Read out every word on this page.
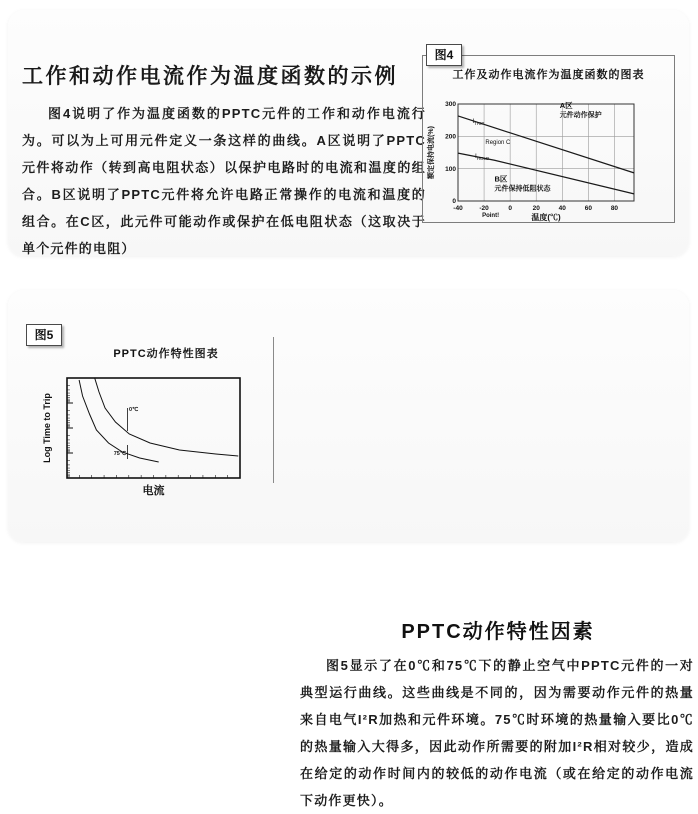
工作和动作电流作为温度函数的示例

图4说明了作为温度函数的PPTC元件的工作和动作电流行为。可以为上可用元件定义一条这样的曲线。A区说明了PPTC元件将动作（转到高电阻状态）以保护电路时的电流和温度的组合。B区说明了PPTC元件将允许电路正常操作的电流和温度的组合。在C区，此元件可能动作或保护在低电阻状态（这取决于单个元件的电阻）

工作及动作电流作为温度函数的图表
-40	-20	0	20	40	60	80
0
100
200
300	A区
元件动作保护
Region C
$I_{TRIP}$
$I_{HOLD}$
B区
元件保持低阻状态
Point!	温度(℃)
额定保持电流(%)
图4
PPTC动作特性因素

图5显示了在0℃和75℃下的静止空气中PPTC元件的一对典型运行曲线。这些曲线是不同的，因为需要动作元件的热量来自电气I²R加热和元件环境。75℃时环境的热量输入要比0℃的热量输入大得多，因此动作所需要的附加I²R相对较少，造成在给定的动作时间内的较低的动作电流（或在给定的动作电流下动作更快）。

图5
PPTC动作特性图表
0℃
75℃
电流
Log Time to Trip
